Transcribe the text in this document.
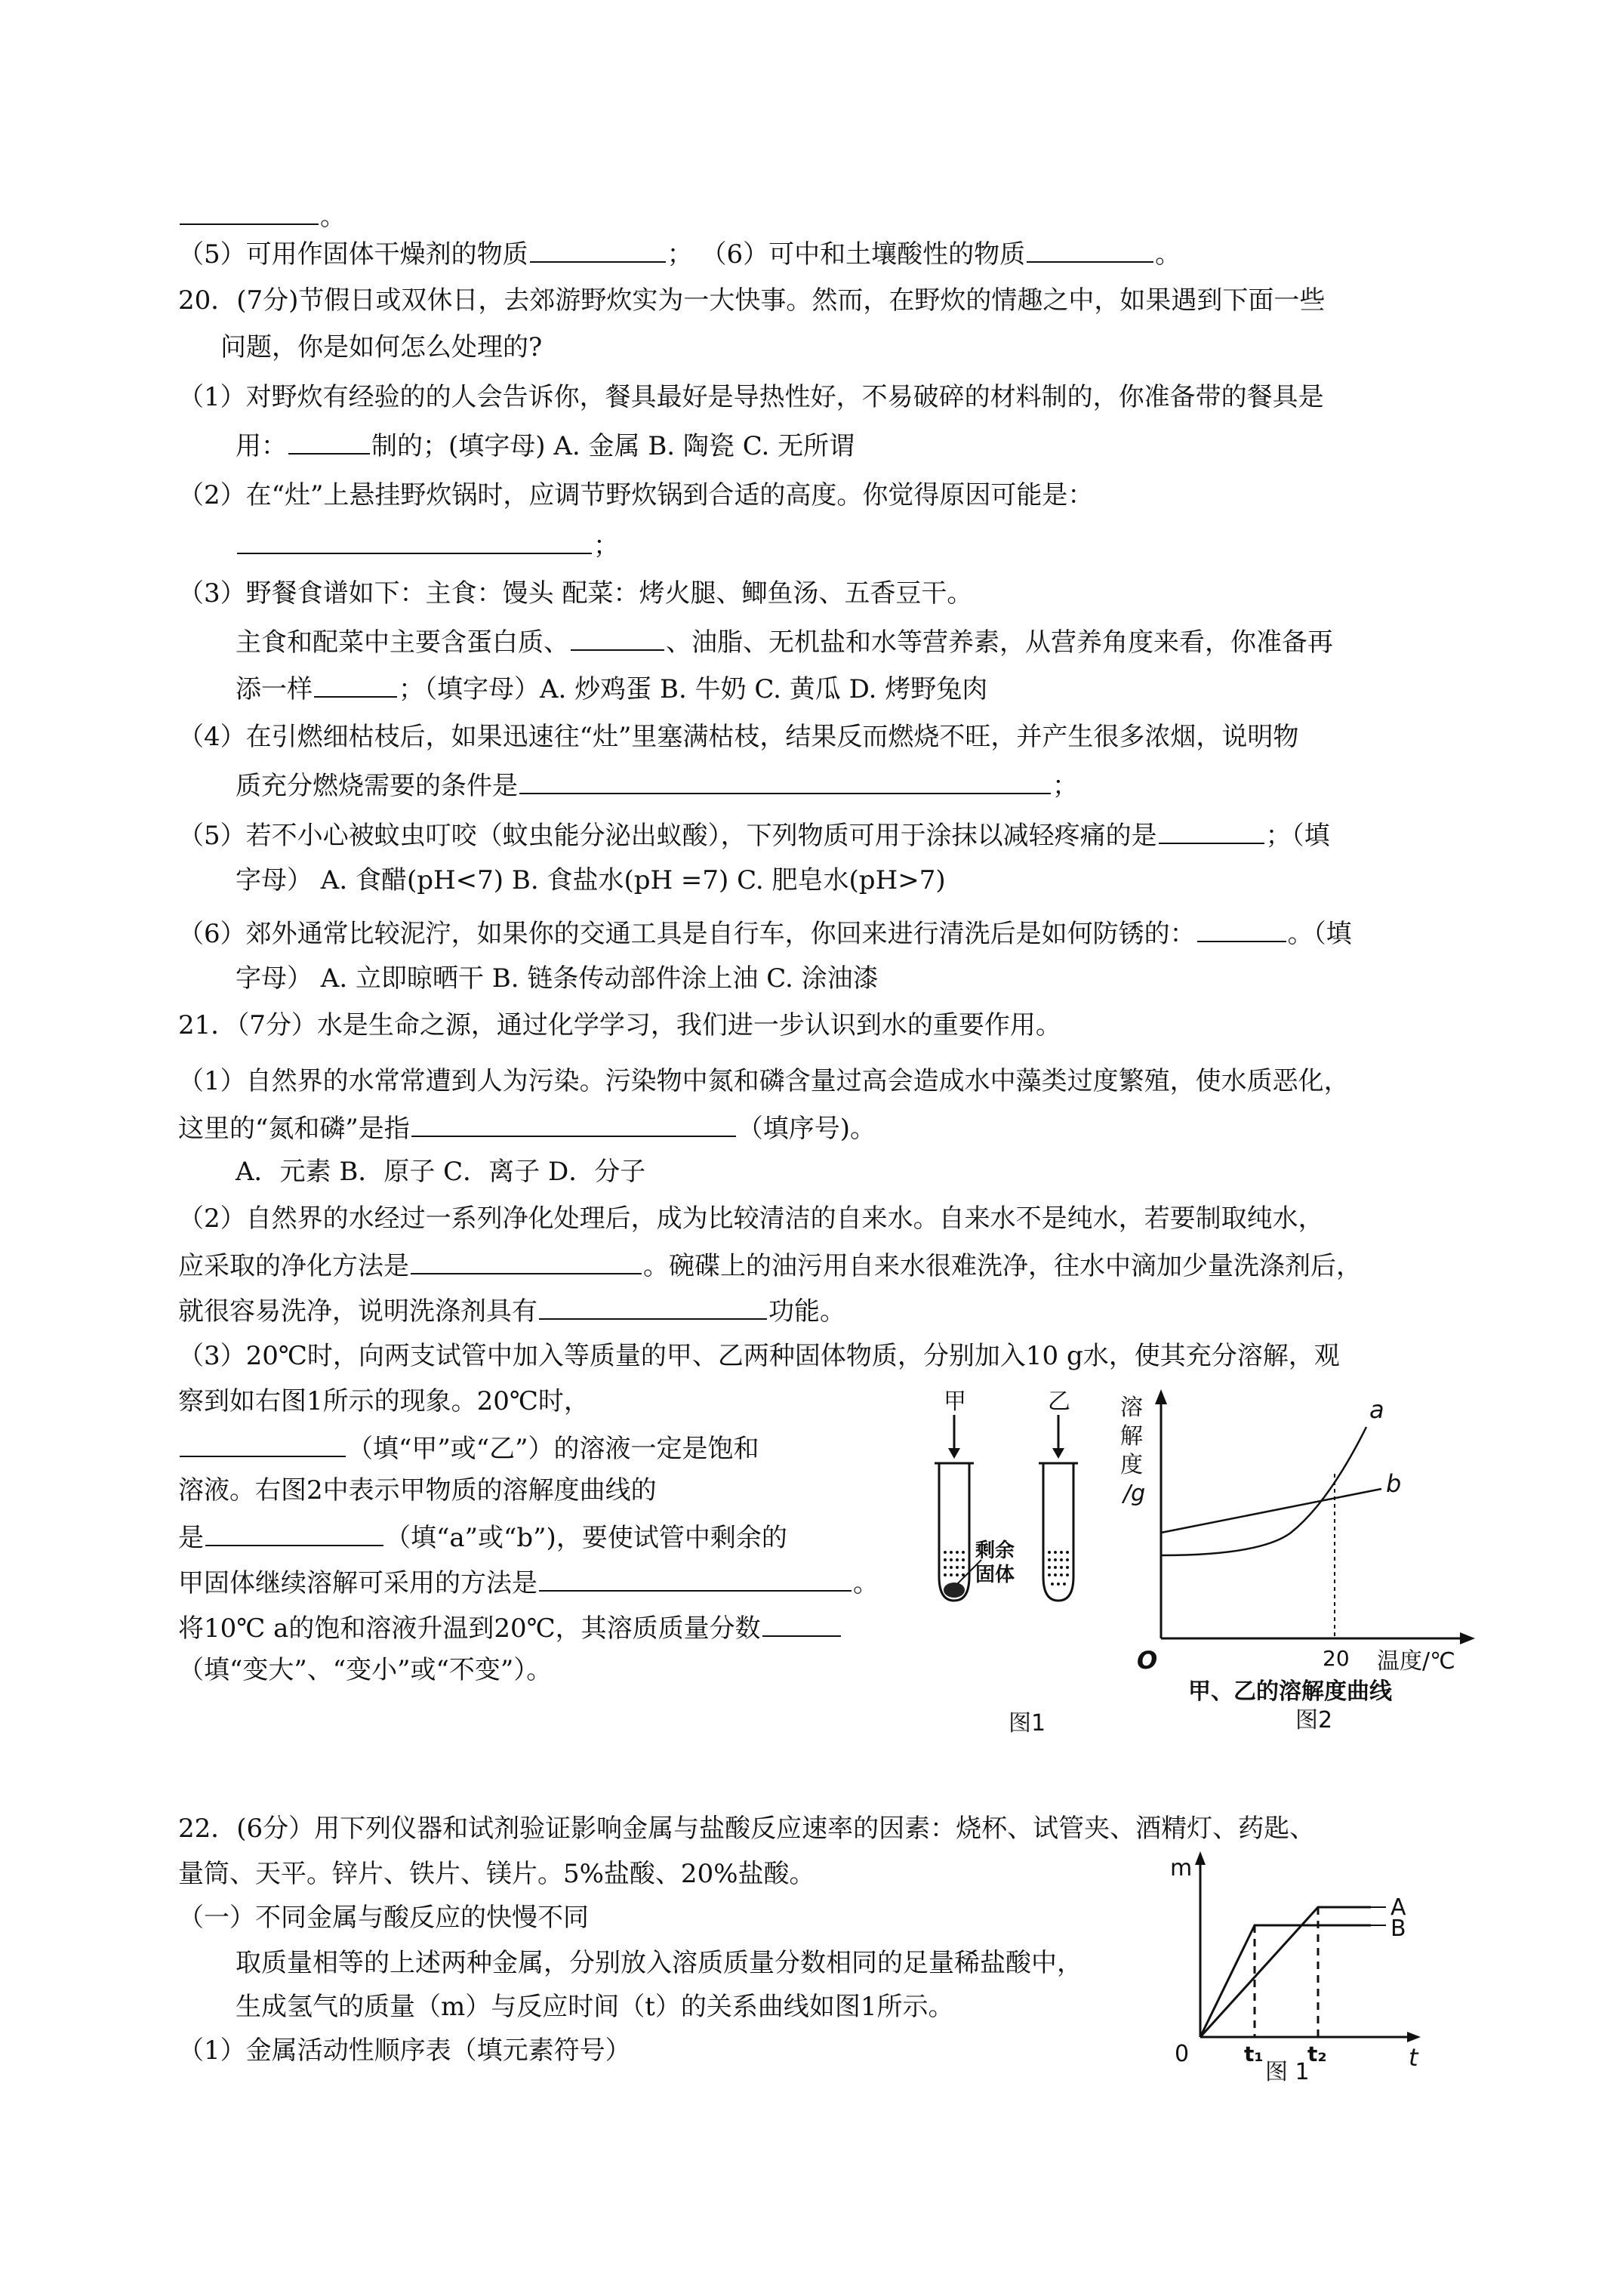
。
（5）可用作固体干燥剂的物质	； （6）可中和土壤酸性的物质	。
20．(7分)节假日或双休日，去郊游野炊实为一大快事。然而，在野炊的情趣之中，如果遇到下面一些
问题，你是如何怎么处理的?
（1）对野炊有经验的的人会告诉你，餐具最好是导热性好，不易破碎的材料制的，你准备带的餐具是
用：	制的；(填字母) A. 金属 B. 陶瓷 C. 无所谓
（2）在“灶”上悬挂野炊锅时，应调节野炊锅到合适的高度。你觉得原因可能是：
；
（3）野餐食谱如下：主食：馒头 配菜：烤火腿、鲫鱼汤、五香豆干。
主食和配菜中主要含蛋白质、	、油脂、无机盐和水等营养素，从营养角度来看，你准备再
添一样	；（填字母）A. 炒鸡蛋 B. 牛奶 C. 黄瓜 D. 烤野兔肉
（4）在引燃细枯枝后，如果迅速往“灶”里塞满枯枝，结果反而燃烧不旺，并产生很多浓烟，说明物
质充分燃烧需要的条件是	；
（5）若不小心被蚊虫叮咬（蚊虫能分泌出蚁酸），下列物质可用于涂抹以减轻疼痛的是	；（填
字母） A. 食醋(pH<7) B. 食盐水(pH =7) C. 肥皂水(pH>7)
（6）郊外通常比较泥泞，如果你的交通工具是自行车，你回来进行清洗后是如何防锈的：	。（填
字母） A. 立即晾晒干 B. 链条传动部件涂上油 C. 涂油漆
21．（7分）水是生命之源，通过化学学习，我们进一步认识到水的重要作用。
（1）自然界的水常常遭到人为污染。污染物中氮和磷含量过高会造成水中藻类过度繁殖，使水质恶化，
这里的“氮和磷”是指	（填序号)。
A．元素 B．原子 C．离子 D．分子
（2）自然界的水经过一系列净化处理后，成为比较清洁的自来水。自来水不是纯水，若要制取纯水，
应采取的净化方法是	。碗碟上的油污用自来水很难洗净，往水中滴加少量洗涤剂后，
就很容易洗净，说明洗涤剂具有	功能。
（3）20℃时，向两支试管中加入等质量的甲、乙两种固体物质，分别加入10 g水，使其充分溶解，观
察到如右图1所示的现象。20℃时，
（填“甲”或“乙”）的溶液一定是饱和
溶液。右图2中表示甲物质的溶解度曲线的
是	（填“a”或“b”)，要使试管中剩余的
甲固体继续溶解可采用的方法是	。
将10℃ a的饱和溶液升温到20℃，其溶质质量分数
（填“变大”、“变小”或“不变”）。
甲
剩余
固体
乙
图1
溶
解
度
/g
O	20 温度/℃
a
b
甲、乙的溶解度曲线
图2
22．(6分）用下列仪器和试剂验证影响金属与盐酸反应速率的因素：烧杯、试管夹、酒精灯、药匙、
量筒、天平。锌片、铁片、镁片。5%盐酸、20%盐酸。
（一）不同金属与酸反应的快慢不同
取质量相等的上述两种金属，分别放入溶质质量分数相同的足量稀盐酸中，
生成氢气的质量（m）与反应时间（t）的关系曲线如图1所示。
（1）金属活动性顺序表（填元素符号）
m
0	t
A
B
t₁ t₂
图 1
